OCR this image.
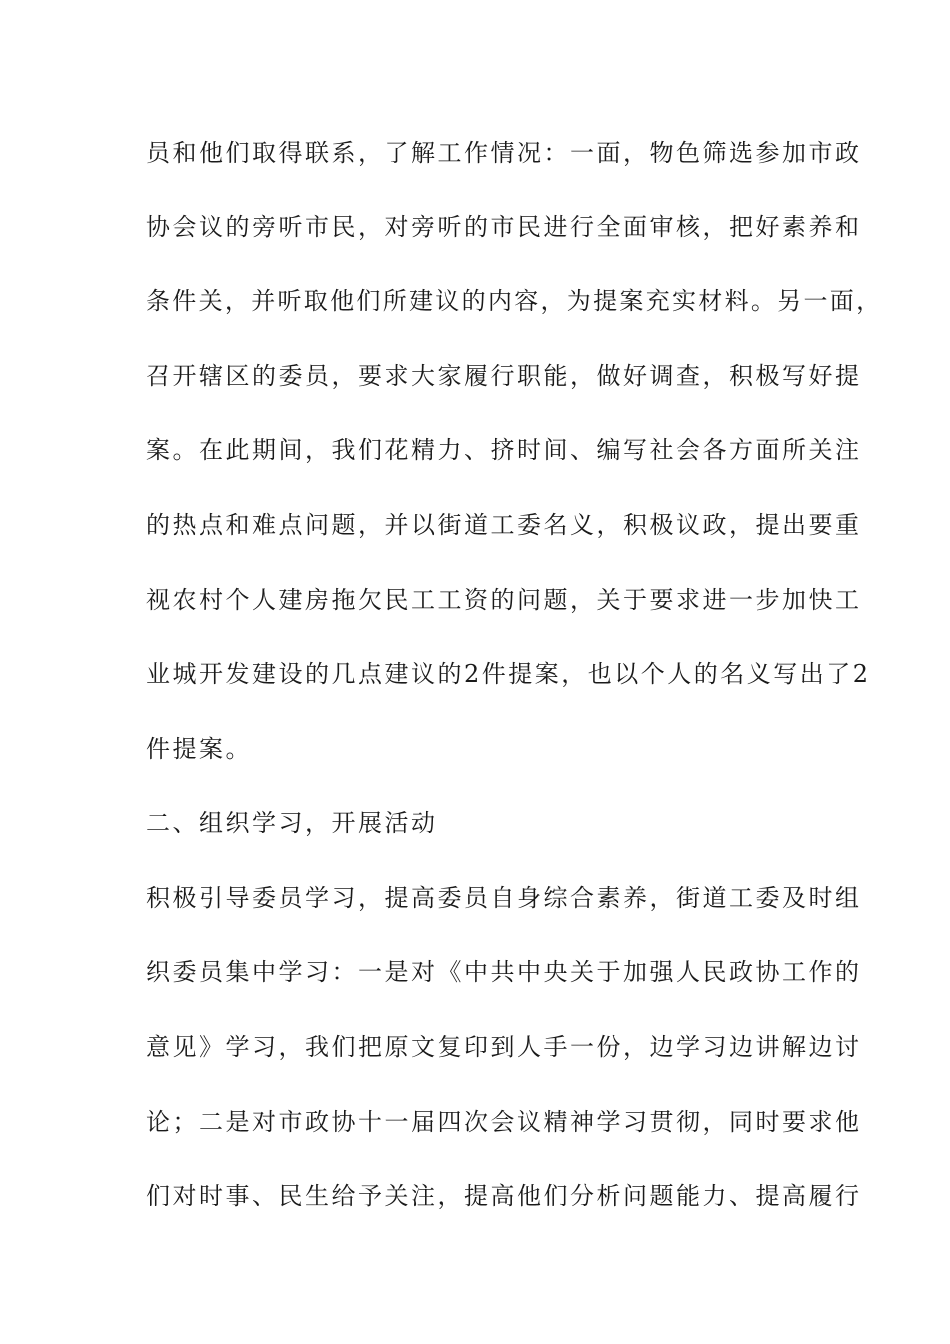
员和他们取得联系，了解工作情况：一面，物色筛选参加市政
协会议的旁听市民，对旁听的市民进行全面审核，把好素养和
条件关，并听取他们所建议的内容，为提案充实材料。另一面，
召开辖区的委员，要求大家履行职能，做好调查，积极写好提
案。在此期间，我们花精力、挤时间、编写社会各方面所关注
的热点和难点问题，并以街道工委名义，积极议政，提出要重
视农村个人建房拖欠民工工资的问题，关于要求进一步加快工
业城开发建设的几点建议的2件提案，也以个人的名义写出了2
件提案。
二、组织学习，开展活动
积极引导委员学习，提高委员自身综合素养，街道工委及时组
织委员集中学习：一是对《中共中央关于加强人民政协工作的
意见》学习，我们把原文复印到人手一份，边学习边讲解边讨
论；二是对市政协十一届四次会议精神学习贯彻，同时要求他
们对时事、民生给予关注，提高他们分析问题能力、提高履行
